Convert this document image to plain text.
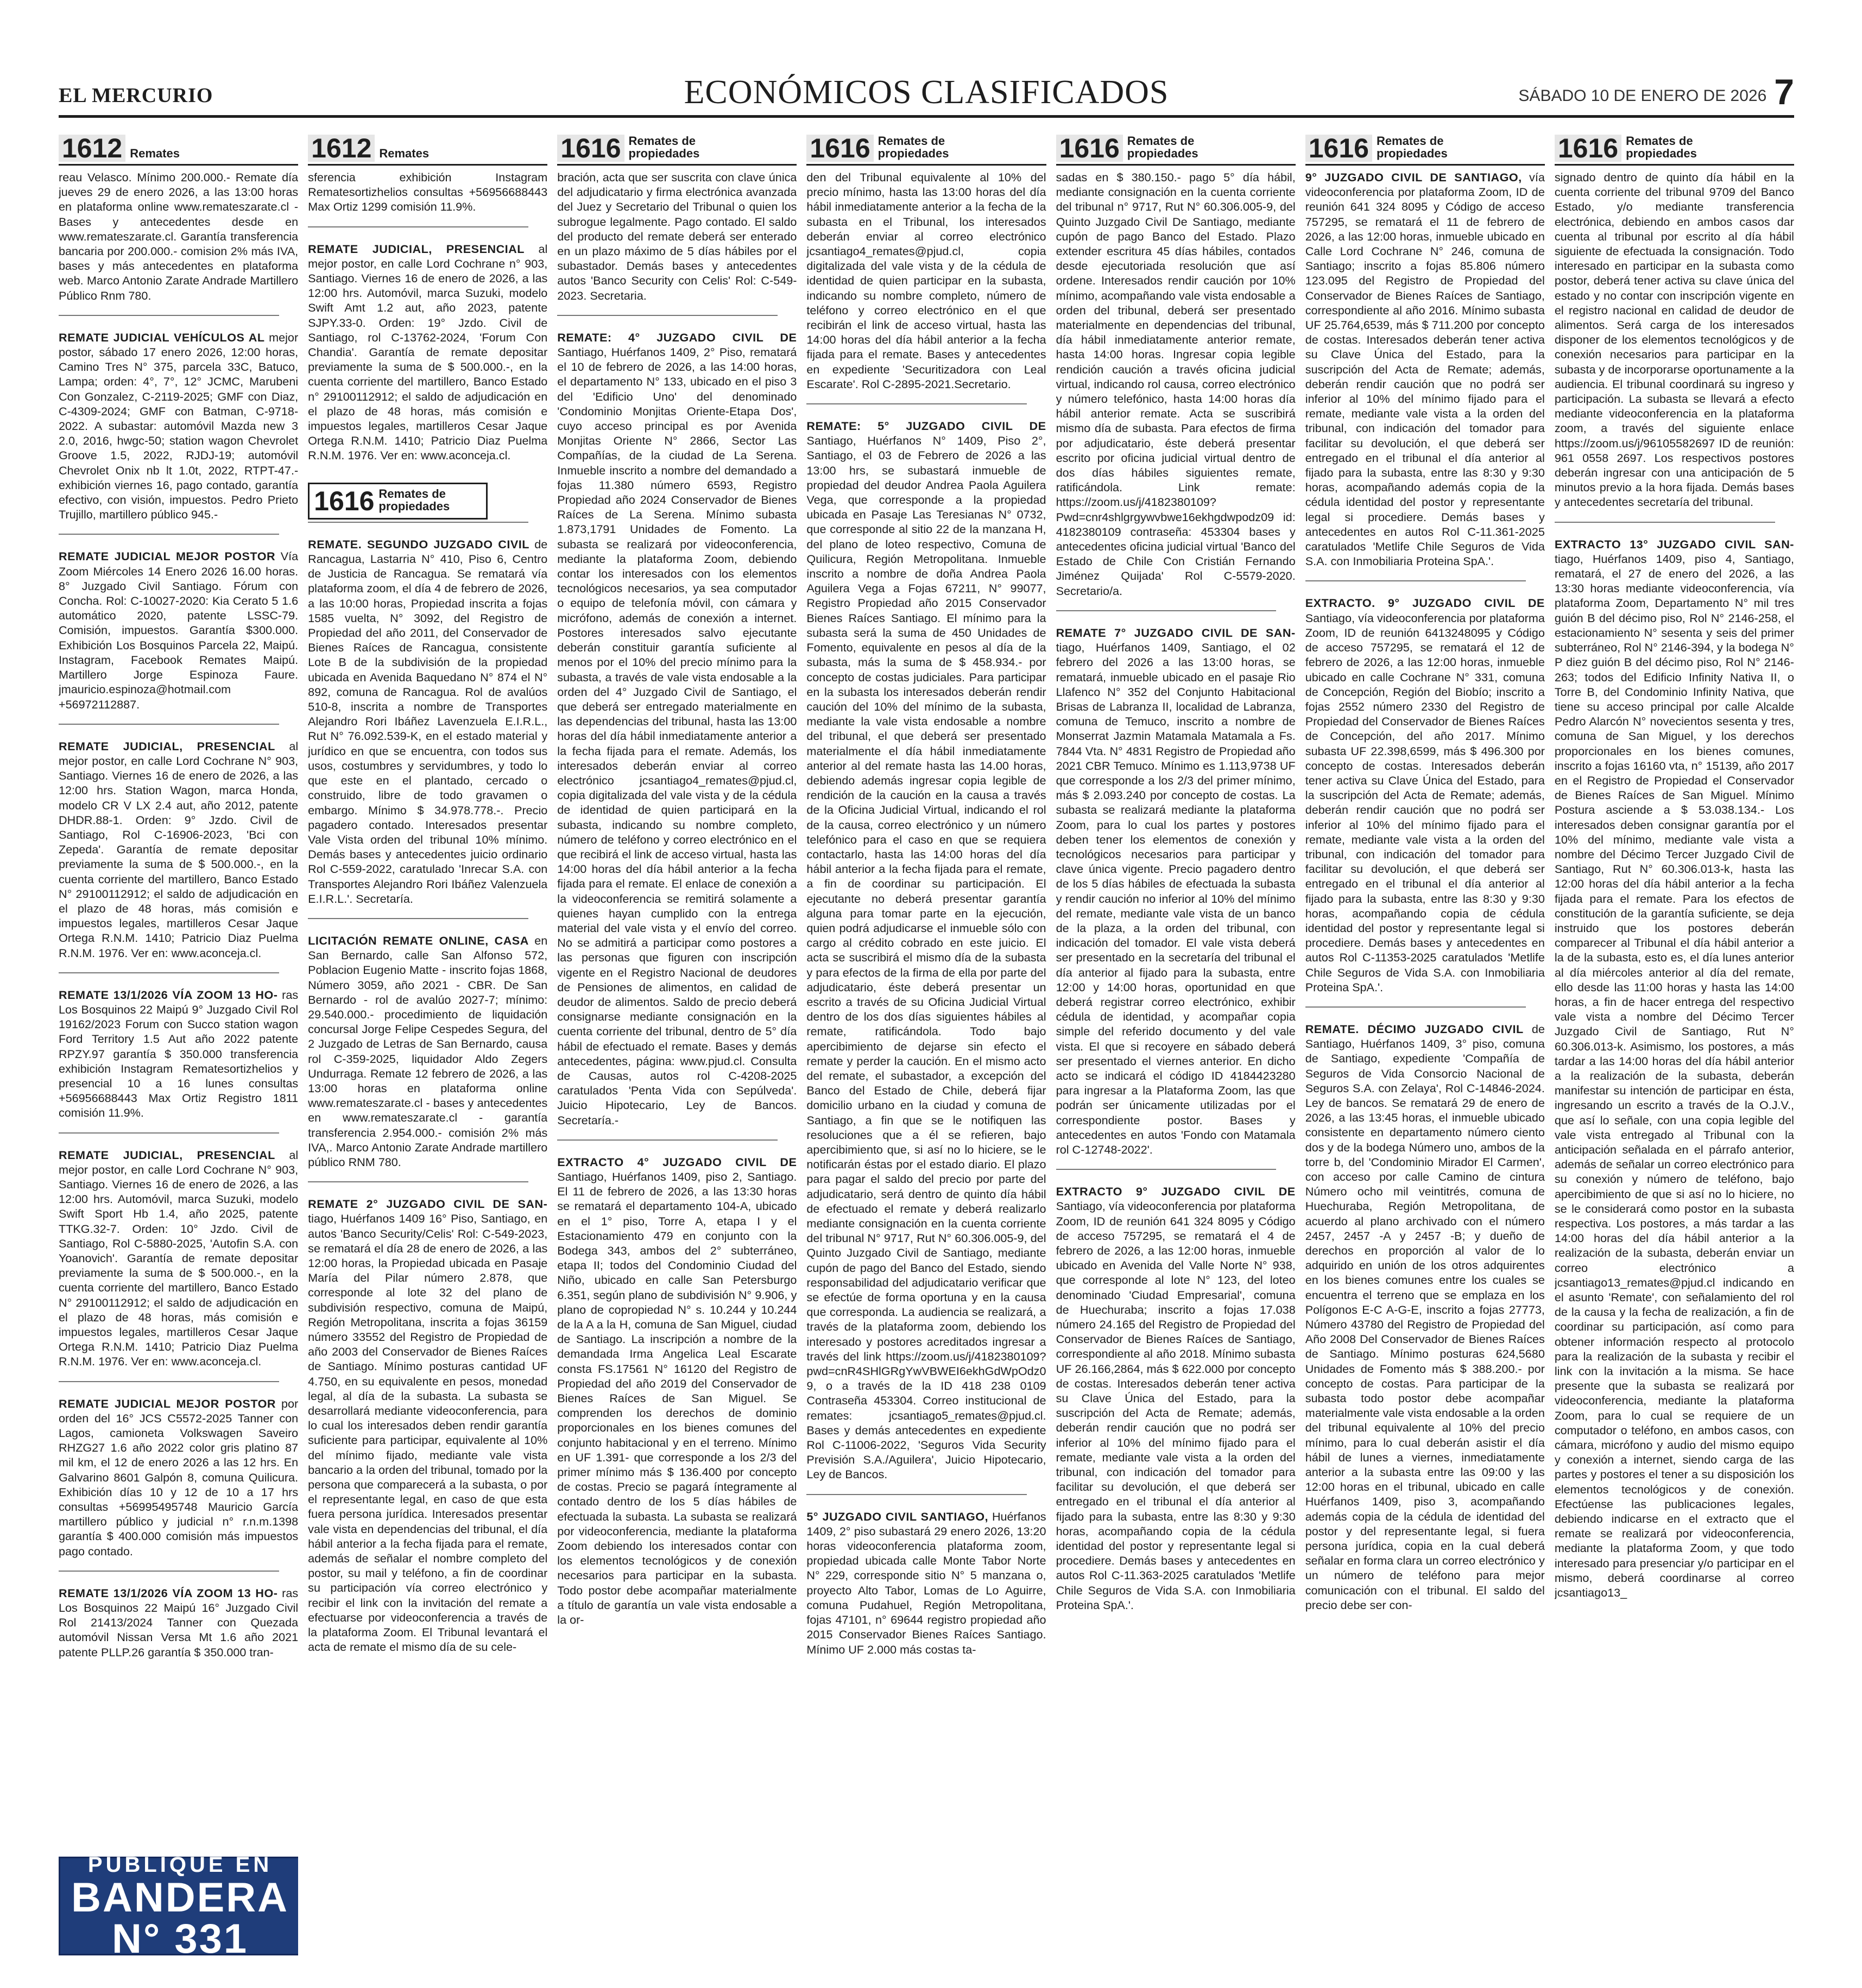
EL MERCURIO	ECONÓMICOS CLASIFICADOS	SÁBADO 10 DE ENERO DE 2026 7
1612 Remates

reau Velasco. Mínimo 200.000.- Remate día jueves 29 de enero 2026, a las 13:00 horas en plataforma online www.remateszarate.cl - Bases y antecedentes desde en www.remateszarate.cl. Garantía transferencia bancaria por 200.000.- comision 2% más IVA, bases y más antecedentes en plataforma web. Marco Antonio Zarate Andrade Martillero Público Rnm 780.

REMATE JUDICIAL VEHÍCULOS AL mejor postor, sábado 17 enero 2026, 12:00 horas, Camino Tres N° 375, parcela 33C, Batuco, Lampa; orden: 4°, 7°, 12° JCMC, Marubeni Con Gonzalez, C-2119-2025; GMF con Diaz, C-4309-2024; GMF con Batman, C-9718-2022. A subastar: automóvil Mazda new 3 2.0, 2016, hwgc-50; station wagon Chevrolet Groove 1.5, 2022, RJDJ-19; automóvil Chevrolet Onix nb lt 1.0t, 2022, RTPT-47.- exhibición viernes 16, pago contado, garantía efectivo, con visión, impuestos. Pedro Prieto Trujillo, martillero público 945.-

REMATE JUDICIAL MEJOR POSTOR Vía Zoom Miércoles 14 Enero 2026 16.00 horas. 8° Juzgado Civil Santiago. Fórum con Concha. Rol: C-10027-2020: Kia Cerato 5 1.6 automático 2020, patente LSSC-79. Comisión, impuestos. Garantía $300.000. Exhibición Los Bosquinos Parcela 22, Maipú. Instagram, Facebook Remates Maipú. Martillero Jorge Espinoza Faure. jmauricio.espinoza@hotmail.com +56972112887.

REMATE JUDICIAL, PRESENCIAL al mejor postor, en calle Lord Cochrane N° 903, Santiago. Viernes 16 de enero de 2026, a las 12:00 hrs. Station Wagon, marca Honda, modelo CR V LX 2.4 aut, año 2012, patente DHDR.88-1. Orden: 9° Jzdo. Civil de Santiago, Rol C-16906-2023, 'Bci con Zepeda'. Garantía de remate depositar previamente la suma de $ 500.000.-, en la cuenta corriente del martillero, Banco Estado N° 29100112912; el saldo de adjudicación en el plazo de 48 horas, más comisión e impuestos legales, martilleros Cesar Jaque Ortega R.N.M. 1410; Patricio Diaz Puelma R.N.M. 1976. Ver en: www.aconceja.cl.

REMATE 13/1/2026 VÍA ZOOM 13 HO- ras Los Bosquinos 22 Maipú 9° Juzgado Civil Rol 19162/2023 Forum con Succo station wagon Ford Territory 1.5 Aut año 2022 patente RPZY.97 garantía $ 350.000 transferencia exhibición Instagram Rematesortizhelios y presencial 10 a 16 lunes consultas +56956688443 Max Ortiz Registro 1811 comisión 11.9%.

REMATE JUDICIAL, PRESENCIAL al mejor postor, en calle Lord Cochrane N° 903, Santiago. Viernes 16 de enero de 2026, a las 12:00 hrs. Automóvil, marca Suzuki, modelo Swift Sport Hb 1.4, año 2025, patente TTKG.32-7. Orden: 10° Jzdo. Civil de Santiago, Rol C-5880-2025, 'Autofin S.A. con Yoanovich'. Garantía de remate depositar previamente la suma de $ 500.000.-, en la cuenta corriente del martillero, Banco Estado N° 29100112912; el saldo de adjudicación en el plazo de 48 horas, más comisión e impuestos legales, martilleros Cesar Jaque Ortega R.N.M. 1410; Patricio Diaz Puelma R.N.M. 1976. Ver en: www.aconceja.cl.

REMATE JUDICIAL MEJOR POSTOR por orden del 16° JCS C5572-2025 Tanner con Lagos, camioneta Volkswagen Saveiro RHZG27 1.6 año 2022 color gris platino 87 mil km, el 12 de enero 2026 a las 12 hrs. En Galvarino 8601 Galpón 8, comuna Quilicura. Exhibición días 10 y 12 de 10 a 17 hrs consultas +56995495748 Mauricio García martillero público y judicial n° r.n.m.1398 garantía $ 400.000 comisión más impuestos pago contado.

REMATE 13/1/2026 VÍA ZOOM 13 HO- ras Los Bosquinos 22 Maipú 16° Juzgado Civil Rol 21413/2024 Tanner con Quezada automóvil Nissan Versa Mt 1.6 año 2021 patente PLLP.26 garantía $ 350.000 tran-

PUBLIQUE EN
BANDERA N° 331
1612 Remates

sferencia exhibición Instagram Rematesortizhelios consultas +56956688443 Max Ortiz 1299 comisión 11.9%.

REMATE JUDICIAL, PRESENCIAL al mejor postor, en calle Lord Cochrane n° 903, Santiago. Viernes 16 de enero de 2026, a las 12:00 hrs. Automóvil, marca Suzuki, modelo Swift Amt 1.2 aut, año 2023, patente SJPY.33-0. Orden: 19° Jzdo. Civil de Santiago, rol C-13762-2024, 'Forum Con Chandia'. Garantía de remate depositar previamente la suma de $ 500.000.-, en la cuenta corriente del martillero, Banco Estado n° 29100112912; el saldo de adjudicación en el plazo de 48 horas, más comisión e impuestos legales, martilleros Cesar Jaque Ortega R.N.M. 1410; Patricio Diaz Puelma R.N.M. 1976. Ver en: www.aconceja.cl.

1616 Remates de propiedades

REMATE. SEGUNDO JUZGADO CIVIL de Rancagua, Lastarria N° 410, Piso 6, Centro de Justicia de Rancagua. Se rematará vía plataforma zoom, el día 4 de febrero de 2026, a las 10:00 horas, Propiedad inscrita a fojas 1585 vuelta, N° 3092, del Registro de Propiedad del año 2011, del Conservador de Bienes Raíces de Rancagua, consistente Lote B de la subdivisión de la propiedad ubicada en Avenida Baquedano N° 874 el N° 892, comuna de Rancagua. Rol de avalúos 510-8, inscrita a nombre de Transportes Alejandro Rori Ibáñez Lavenzuela E.I.R.L., Rut N° 76.092.539-K, en el estado material y jurídico en que se encuentra, con todos sus usos, costumbres y servidumbres, y todo lo que este en el plantado, cercado o construido, libre de todo gravamen o embargo. Mínimo $ 34.978.778.-. Precio pagadero contado. Interesados presentar Vale Vista orden del tribunal 10% mínimo. Demás bases y antecedentes juicio ordinario Rol C-559-2022, caratulado 'Inrecar S.A. con Transportes Alejandro Rori Ibáñez Valenzuela E.I.R.L.'. Secretaría.

LICITACIÓN REMATE ONLINE, CASA en San Bernardo, calle San Alfonso 572, Poblacion Eugenio Matte - inscrito fojas 1868, Número 3059, año 2021 - CBR. De San Bernardo - rol de avalúo 2027-7; mínimo: 29.540.000.- procedimiento de liquidación concursal Jorge Felipe Cespedes Segura, del 2 Juzgado de Letras de San Bernardo, causa rol C-359-2025, liquidador Aldo Zegers Undurraga. Remate 12 febrero de 2026, a las 13:00 horas en plataforma online www.remateszarate.cl - bases y antecedentes en www.remateszarate.cl - garantía transferencia 2.954.000.- comisión 2% más IVA,. Marco Antonio Zarate Andrade martillero público RNM 780.

REMATE 2° JUZGADO CIVIL DE SAN- tiago, Huérfanos 1409 16° Piso, Santiago, en autos 'Banco Security/Celis' Rol: C-549-2023, se rematará el día 28 de enero de 2026, a las 12:00 horas, la Propiedad ubicada en Pasaje María del Pilar número 2.878, que corresponde al lote 32 del plano de subdivisión respectivo, comuna de Maipú, Región Metropolitana, inscrita a fojas 36159 número 33552 del Registro de Propiedad de año 2003 del Conservador de Bienes Raíces de Santiago. Mínimo posturas cantidad UF 4.750, en su equivalente en pesos, monedad legal, al día de la subasta. La subasta se desarrollará mediante videoconferencia, para lo cual los interesados deben rendir garantía suficiente para participar, equivalente al 10% del mínimo fijado, mediante vale vista bancario a la orden del tribunal, tomado por la persona que comparecerá a la subasta, o por el representante legal, en caso de que esta fuera persona jurídica. Interesados presentar vale vista en dependencias del tribunal, el día hábil anterior a la fecha fijada para el remate, además de señalar el nombre completo del postor, su mail y teléfono, a fin de coordinar su participación vía correo electrónico y recibir el link con la invitación del remate a efectuarse por videoconferencia a través de la plataforma Zoom. El Tribunal levantará el acta de remate el mismo día de su cele-

1616 Remates de propiedades

bración, acta que ser suscrita con clave única del adjudicatario y firma electrónica avanzada del Juez y Secretario del Tribunal o quien los subrogue legalmente. Pago contado. El saldo del producto del remate deberá ser enterado en un plazo máximo de 5 días hábiles por el subastador. Demás bases y antecedentes autos 'Banco Security con Celis' Rol: C-549-2023. Secretaria.

REMATE: 4° JUZGADO CIVIL DE Santiago, Huérfanos 1409, 2° Piso, rematará el 10 de febrero de 2026, a las 14:00 horas, el departamento N° 133, ubicado en el piso 3 del 'Edificio Uno' del denominado 'Condominio Monjitas Oriente-Etapa Dos', cuyo acceso principal es por Avenida Monjitas Oriente N° 2866, Sector Las Compañías, de la ciudad de La Serena. Inmueble inscrito a nombre del demandado a fojas 11.380 número 6593, Registro Propiedad año 2024 Conservador de Bienes Raíces de La Serena. Mínimo subasta 1.873,1791 Unidades de Fomento. La subasta se realizará por videoconferencia, mediante la plataforma Zoom, debiendo contar los interesados con los elementos tecnológicos necesarios, ya sea computador o equipo de telefonía móvil, con cámara y micrófono, además de conexión a internet. Postores interesados salvo ejecutante deberán constituir garantía suficiente al menos por el 10% del precio mínimo para la subasta, a través de vale vista endosable a la orden del 4° Juzgado Civil de Santiago, el que deberá ser entregado materialmente en las dependencias del tribunal, hasta las 13:00 horas del día hábil inmediatamente anterior a la fecha fijada para el remate. Además, los interesados deberán enviar al correo electrónico jcsantiago4_remates@pjud.cl, copia digitalizada del vale vista y de la cédula de identidad de quien participará en la subasta, indicando su nombre completo, número de teléfono y correo electrónico en el que recibirá el link de acceso virtual, hasta las 14:00 horas del día hábil anterior a la fecha fijada para el remate. El enlace de conexión a la videoconferencia se remitirá solamente a quienes hayan cumplido con la entrega material del vale vista y el envío del correo. No se admitirá a participar como postores a las personas que figuren con inscripción vigente en el Registro Nacional de deudores de Pensiones de alimentos, en calidad de deudor de alimentos. Saldo de precio deberá consignarse mediante consignación en la cuenta corriente del tribunal, dentro de 5° día hábil de efectuado el remate. Bases y demás antecedentes, página: www.pjud.cl. Consulta de Causas, autos rol C-4208-2025 caratulados 'Penta Vida con Sepúlveda'. Juicio Hipotecario, Ley de Bancos. Secretaría.-

EXTRACTO 4° JUZGADO CIVIL DE Santiago, Huérfanos 1409, piso 2, Santiago. El 11 de febrero de 2026, a las 13:30 horas se rematará el departamento 104-A, ubicado en el 1° piso, Torre A, etapa I y el Estacionamiento 479 en conjunto con la Bodega 343, ambos del 2° subterráneo, etapa II; todos del Condominio Ciudad del Niño, ubicado en calle San Petersburgo 6.351, según plano de subdivisión N° 9.906, y plano de copropiedad N° s. 10.244 y 10.244 de la A a la H, comuna de San Miguel, ciudad de Santiago. La inscripción a nombre de la demandada Irma Angelica Leal Escarate consta FS.17561 N° 16120 del Registro de Propiedad del año 2019 del Conservador de Bienes Raíces de San Miguel. Se comprenden los derechos de dominio proporcionales en los bienes comunes del conjunto habitacional y en el terreno. Mínimo en UF 1.391- que corresponde a los 2/3 del primer mínimo más $ 136.400 por concepto de costas. Precio se pagará íntegramente al contado dentro de los 5 días hábiles de efectuada la subasta. La subasta se realizará por videoconferencia, mediante la plataforma Zoom debiendo los interesados contar con los elementos tecnológicos y de conexión necesarios para participar en la subasta. Todo postor debe acompañar materialmente a título de garantía un vale vista endosable a la or-

1616 Remates de propiedades

den del Tribunal equivalente al 10% del precio mínimo, hasta las 13:00 horas del día hábil inmediatamente anterior a la fecha de la subasta en el Tribunal, los interesados deberán enviar al correo electrónico jcsantiago4_remates@pjud.cl, copia digitalizada del vale vista y de la cédula de identidad de quien participar en la subasta, indicando su nombre completo, número de teléfono y correo electrónico en el que recibirán el link de acceso virtual, hasta las 14:00 horas del día hábil anterior a la fecha fijada para el remate. Bases y antecedentes en expediente 'Securitizadora con Leal Escarate'. Rol C-2895-2021.Secretario.

REMATE: 5° JUZGADO CIVIL DE Santiago, Huérfanos N° 1409, Piso 2°, Santiago, el 03 de Febrero de 2026 a las 13:00 hrs, se subastará inmueble de propiedad del deudor Andrea Paola Aguilera Vega, que corresponde a la propiedad ubicada en Pasaje Las Teresianas N° 0732, que corresponde al sitio 22 de la manzana H, del plano de loteo respectivo, Comuna de Quilicura, Región Metropolitana. Inmueble inscrito a nombre de doña Andrea Paola Aguilera Vega a Fojas 67211, N° 99077, Registro Propiedad año 2015 Conservador Bienes Raíces Santiago. El mínimo para la subasta será la suma de 450 Unidades de Fomento, equivalente en pesos al día de la subasta, más la suma de $ 458.934.- por concepto de costas judiciales. Para participar en la subasta los interesados deberán rendir caución del 10% del mínimo de la subasta, mediante la vale vista endosable a nombre del tribunal, el que deberá ser presentado materialmente el día hábil inmediatamente anterior al del remate hasta las 14.00 horas, debiendo además ingresar copia legible de rendición de la caución en la causa a través de la Oficina Judicial Virtual, indicando el rol de la causa, correo electrónico y un número telefónico para el caso en que se requiera contactarlo, hasta las 14:00 horas del día hábil anterior a la fecha fijada para el remate, a fin de coordinar su participación. El ejecutante no deberá presentar garantía alguna para tomar parte en la ejecución, quien podrá adjudicarse el inmueble sólo con cargo al crédito cobrado en este juicio. El acta se suscribirá el mismo día de la subasta y para efectos de la firma de ella por parte del adjudicatario, éste deberá presentar un escrito a través de su Oficina Judicial Virtual dentro de los dos días siguientes hábiles al remate, ratificándola. Todo bajo apercibimiento de dejarse sin efecto el remate y perder la caución. En el mismo acto del remate, el subastador, a excepción del Banco del Estado de Chile, deberá fijar domicilio urbano en la ciudad y comuna de Santiago, a fin que se le notifiquen las resoluciones que a él se refieren, bajo apercibimiento que, si así no lo hiciere, se le notificarán éstas por el estado diario. El plazo para pagar el saldo del precio por parte del adjudicatario, será dentro de quinto día hábil de efectuado el remate y deberá realizarlo mediante consignación en la cuenta corriente del tribunal N° 9717, Rut N° 60.306.005-9, del Quinto Juzgado Civil de Santiago, mediante cupón de pago del Banco del Estado, siendo responsabilidad del adjudicatario verificar que se efectúe de forma oportuna y en la causa que corresponda. La audiencia se realizará, a través de la plataforma zoom, debiendo los interesado y postores acreditados ingresar a través del link https://zoom.us/j/4182380109?pwd=cnR4SHlGRgYwVBWEI6ekhGdWpOdz09, o a través de la ID 418 238 0109 Contraseña 453304. Correo institucional de remates: jcsantiago5_remates@pjud.cl. Bases y demás antecedentes en expediente Rol C-11006-2022, 'Seguros Vida Security Previsión S.A./Aguilera', Juicio Hipotecario, Ley de Bancos.

5° JUZGADO CIVIL SANTIAGO, Huérfanos 1409, 2° piso subastará 29 enero 2026, 13:20 horas videoconferencia plataforma zoom, propiedad ubicada calle Monte Tabor Norte N° 229, corresponde sitio N° 5 manzana o, proyecto Alto Tabor, Lomas de Lo Aguirre, comuna Pudahuel, Región Metropolitana, fojas 47101, n° 69644 registro propiedad año 2015 Conservador Bienes Raíces Santiago. Mínimo UF 2.000 más costas ta-

1616 Remates de propiedades

sadas en $ 380.150.- pago 5° día hábil, mediante consignación en la cuenta corriente del tribunal n° 9717, Rut N° 60.306.005-9, del Quinto Juzgado Civil De Santiago, mediante cupón de pago Banco del Estado. Plazo extender escritura 45 días hábiles, contados desde ejecutoriada resolución que así ordene. Interesados rendir caución por 10% mínimo, acompañando vale vista endosable a orden del tribunal, deberá ser presentado materialmente en dependencias del tribunal, día hábil inmediatamente anterior remate, hasta 14:00 horas. Ingresar copia legible rendición caución a través oficina judicial virtual, indicando rol causa, correo electrónico y número telefónico, hasta 14:00 horas día hábil anterior remate. Acta se suscribirá mismo día de subasta. Para efectos de firma por adjudicatario, éste deberá presentar escrito por oficina judicial virtual dentro de dos días hábiles siguientes remate, ratificándola. Link remate: https://zoom.us/j/4182380109?Pwd=cnr4shlgrgywvbwe16ekhgdwpodz09 id: 4182380109 contraseña: 453304 bases y antecedentes oficina judicial virtual 'Banco del Estado de Chile Con Cristián Fernando Jiménez Quijada' Rol C-5579-2020. Secretario/a.

REMATE 7° JUZGADO CIVIL DE SAN- tiago, Huérfanos 1409, Santiago, el 02 febrero del 2026 a las 13:00 horas, se rematará, inmueble ubicado en el pasaje Rio Llafenco N° 352 del Conjunto Habitacional Brisas de Labranza II, localidad de Labranza, comuna de Temuco, inscrito a nombre de Monserrat Jazmin Matamala Matamala a Fs. 7844 Vta. N° 4831 Registro de Propiedad año 2021 CBR Temuco. Mínimo es 1.113,9738 UF que corresponde a los 2/3 del primer mínimo, más $ 2.093.240 por concepto de costas. La subasta se realizará mediante la plataforma Zoom, para lo cual los partes y postores deben tener los elementos de conexión y tecnológicos necesarios para participar y clave única vigente. Precio pagadero dentro de los 5 días hábiles de efectuada la subasta y rendir caución no inferior al 10% del mínimo del remate, mediante vale vista de un banco de la plaza, a la orden del tribunal, con indicación del tomador. El vale vista deberá ser presentado en la secretaría del tribunal el día anterior al fijado para la subasta, entre 12:00 y 14:00 horas, oportunidad en que deberá registrar correo electrónico, exhibir cédula de identidad, y acompañar copia simple del referido documento y del vale vista. El que si recoyere en sábado deberá ser presentado el viernes anterior. En dicho acto se indicará el código ID 4184423280 para ingresar a la Plataforma Zoom, las que podrán ser únicamente utilizadas por el correspondiente postor. Bases y antecedentes en autos 'Fondo con Matamala rol C-12748-2022'.

EXTRACTO 9° JUZGADO CIVIL DE Santiago, vía videoconferencia por plataforma Zoom, ID de reunión 641 324 8095 y Código de acceso 757295, se rematará el 4 de febrero de 2026, a las 12:00 horas, inmueble ubicado en Avenida del Valle Norte N° 938, que corresponde al lote N° 123, del loteo denominado 'Ciudad Empresarial', comuna de Huechuraba; inscrito a fojas 17.038 número 24.165 del Registro de Propiedad del Conservador de Bienes Raíces de Santiago, correspondiente al año 2018. Mínimo subasta UF 26.166,2864, más $ 622.000 por concepto de costas. Interesados deberán tener activa su Clave Única del Estado, para la suscripción del Acta de Remate; además, deberán rendir caución que no podrá ser inferior al 10% del mínimo fijado para el remate, mediante vale vista a la orden del tribunal, con indicación del tomador para facilitar su devolución, el que deberá ser entregado en el tribunal el día anterior al fijado para la subasta, entre las 8:30 y 9:30 horas, acompañando copia de la cédula identidad del postor y representante legal si procediere. Demás bases y antecedentes en autos Rol C-11.363-2025 caratulados 'Metlife Chile Seguros de Vida S.A. con Inmobiliaria Proteina SpA.'.

1616 Remates de propiedades

9° JUZGADO CIVIL DE SANTIAGO, vía videoconferencia por plataforma Zoom, ID de reunión 641 324 8095 y Código de acceso 757295, se rematará el 11 de febrero de 2026, a las 12:00 horas, inmueble ubicado en Calle Lord Cochrane N° 246, comuna de Santiago; inscrito a fojas 85.806 número 123.095 del Registro de Propiedad del Conservador de Bienes Raíces de Santiago, correspondiente al año 2016. Mínimo subasta UF 25.764,6539, más $ 711.200 por concepto de costas. Interesados deberán tener activa su Clave Única del Estado, para la suscripción del Acta de Remate; además, deberán rendir caución que no podrá ser inferior al 10% del mínimo fijado para el remate, mediante vale vista a la orden del tribunal, con indicación del tomador para facilitar su devolución, el que deberá ser entregado en el tribunal el día anterior al fijado para la subasta, entre las 8:30 y 9:30 horas, acompañando además copia de la cédula identidad del postor y representante legal si procediere. Demás bases y antecedentes en autos Rol C-11.361-2025 caratulados 'Metlife Chile Seguros de Vida S.A. con Inmobiliaria Proteina SpA.'.

EXTRACTO. 9° JUZGADO CIVIL DE Santiago, vía videoconferencia por plataforma Zoom, ID de reunión 6413248095 y Código de acceso 757295, se rematará el 12 de febrero de 2026, a las 12:00 horas, inmueble ubicado en calle Cochrane N° 331, comuna de Concepción, Región del Biobío; inscrito a fojas 2552 número 2330 del Registro de Propiedad del Conservador de Bienes Raíces de Concepción, del año 2017. Mínimo subasta UF 22.398,6599, más $ 496.300 por concepto de costas. Interesados deberán tener activa su Clave Única del Estado, para la suscripción del Acta de Remate; además, deberán rendir caución que no podrá ser inferior al 10% del mínimo fijado para el remate, mediante vale vista a la orden del tribunal, con indicación del tomador para facilitar su devolución, el que deberá ser entregado en el tribunal el día anterior al fijado para la subasta, entre las 8:30 y 9:30 horas, acompañando copia de cédula identidad del postor y representante legal si procediere. Demás bases y antecedentes en autos Rol C-11353-2025 caratulados 'Metlife Chile Seguros de Vida S.A. con Inmobiliaria Proteina SpA.'.

REMATE. DÉCIMO JUZGADO CIVIL de Santiago, Huérfanos 1409, 3° piso, comuna de Santiago, expediente 'Compañía de Seguros de Vida Consorcio Nacional de Seguros S.A. con Zelaya', Rol C-14846-2024. Ley de bancos. Se rematará 29 de enero de 2026, a las 13:45 horas, el inmueble ubicado consistente en departamento número ciento dos y de la bodega Número uno, ambos de la torre b, del 'Condominio Mirador El Carmen', con acceso por calle Camino de cintura Número ocho mil veintitrés, comuna de Huechuraba, Región Metropolitana, de acuerdo al plano archivado con el número 2457, 2457 -A y 2457 -B; y dueño de derechos en proporción al valor de lo adquirido en unión de los otros adquirentes en los bienes comunes entre los cuales se encuentra el terreno que se emplaza en los Polígonos E-C A-G-E, inscrito a fojas 27773, Número 43780 del Registro de Propiedad del Año 2008 Del Conservador de Bienes Raíces de Santiago. Mínimo posturas 624,5680 Unidades de Fomento más $ 388.200.- por concepto de costas. Para participar de la subasta todo postor debe acompañar materialmente vale vista endosable a la orden del tribunal equivalente al 10% del precio mínimo, para lo cual deberán asistir el día hábil de lunes a viernes, inmediatamente anterior a la subasta entre las 09:00 y las 12:00 horas en el tribunal, ubicado en calle Huérfanos 1409, piso 3, acompañando además copia de la cédula de identidad del postor y del representante legal, si fuera persona jurídica, copia en la cual deberá señalar en forma clara un correo electrónico y un número de teléfono para mejor comunicación con el tribunal. El saldo del precio debe ser con-

1616 Remates de propiedades

signado dentro de quinto día hábil en la cuenta corriente del tribunal 9709 del Banco Estado, y/o mediante transferencia electrónica, debiendo en ambos casos dar cuenta al tribunal por escrito al día hábil siguiente de efectuada la consignación. Todo interesado en participar en la subasta como postor, deberá tener activa su clave única del estado y no contar con inscripción vigente en el registro nacional en calidad de deudor de alimentos. Será carga de los interesados disponer de los elementos tecnológicos y de conexión necesarios para participar en la subasta y de incorporarse oportunamente a la audiencia. El tribunal coordinará su ingreso y participación. La subasta se llevará a efecto mediante videoconferencia en la plataforma zoom, a través del siguiente enlace https://zoom.us/j/96105582697 ID de reunión: 961 0558 2697. Los respectivos postores deberán ingresar con una anticipación de 5 minutos previo a la hora fijada. Demás bases y antecedentes secretaría del tribunal.

EXTRACTO 13° JUZGADO CIVIL SAN- tiago, Huérfanos 1409, piso 4, Santiago, rematará, el 27 de enero del 2026, a las 13:30 horas mediante videoconferencia, vía plataforma Zoom, Departamento N° mil tres guión B del décimo piso, Rol N° 2146-258, el estacionamiento N° sesenta y seis del primer subterráneo, Rol N° 2146-394, y la bodega N° P diez guión B del décimo piso, Rol N° 2146-263; todos del Edificio Infinity Nativa II, o Torre B, del Condominio Infinity Nativa, que tiene su acceso principal por calle Alcalde Pedro Alarcón N° novecientos sesenta y tres, comuna de San Miguel, y los derechos proporcionales en los bienes comunes, inscrito a fojas 16160 vta, n° 15139, año 2017 en el Registro de Propiedad el Conservador de Bienes Raíces de San Miguel. Mínimo Postura asciende a $ 53.038.134.- Los interesados deben consignar garantía por el 10% del mínimo, mediante vale vista a nombre del Décimo Tercer Juzgado Civil de Santiago, Rut N° 60.306.013-k, hasta las 12:00 horas del día hábil anterior a la fecha fijada para el remate. Para los efectos de constitución de la garantía suficiente, se deja instruido que los postores deberán comparecer al Tribunal el día hábil anterior a la de la subasta, esto es, el día lunes anterior al día miércoles anterior al día del remate, ello desde las 11:00 horas y hasta las 14:00 horas, a fin de hacer entrega del respectivo vale vista a nombre del Décimo Tercer Juzgado Civil de Santiago, Rut N° 60.306.013-k. Asimismo, los postores, a más tardar a las 14:00 horas del día hábil anterior a la realización de la subasta, deberán manifestar su intención de participar en ésta, ingresando un escrito a través de la O.J.V., que así lo señale, con una copia legible del vale vista entregado al Tribunal con la anticipación señalada en el párrafo anterior, además de señalar un correo electrónico para su conexión y número de teléfono, bajo apercibimiento de que si así no lo hiciere, no se le considerará como postor en la subasta respectiva. Los postores, a más tardar a las 14:00 horas del día hábil anterior a la realización de la subasta, deberán enviar un correo electrónico a jcsantiago13_remates@pjud.cl indicando en el asunto 'Remate', con señalamiento del rol de la causa y la fecha de realización, a fin de coordinar su participación, así como para obtener información respecto al protocolo para la realización de la subasta y recibir el link con la invitación a la misma. Se hace presente que la subasta se realizará por videoconferencia, mediante la plataforma Zoom, para lo cual se requiere de un computador o teléfono, en ambos casos, con cámara, micrófono y audio del mismo equipo y conexión a internet, siendo carga de las partes y postores el tener a su disposición los elementos tecnológicos y de conexión. Efectúense las publicaciones legales, debiendo indicarse en el extracto que el remate se realizará por videoconferencia, mediante la plataforma Zoom, y que todo interesado para presenciar y/o participar en el mismo, deberá coordinarse al correo jcsantiago13_
